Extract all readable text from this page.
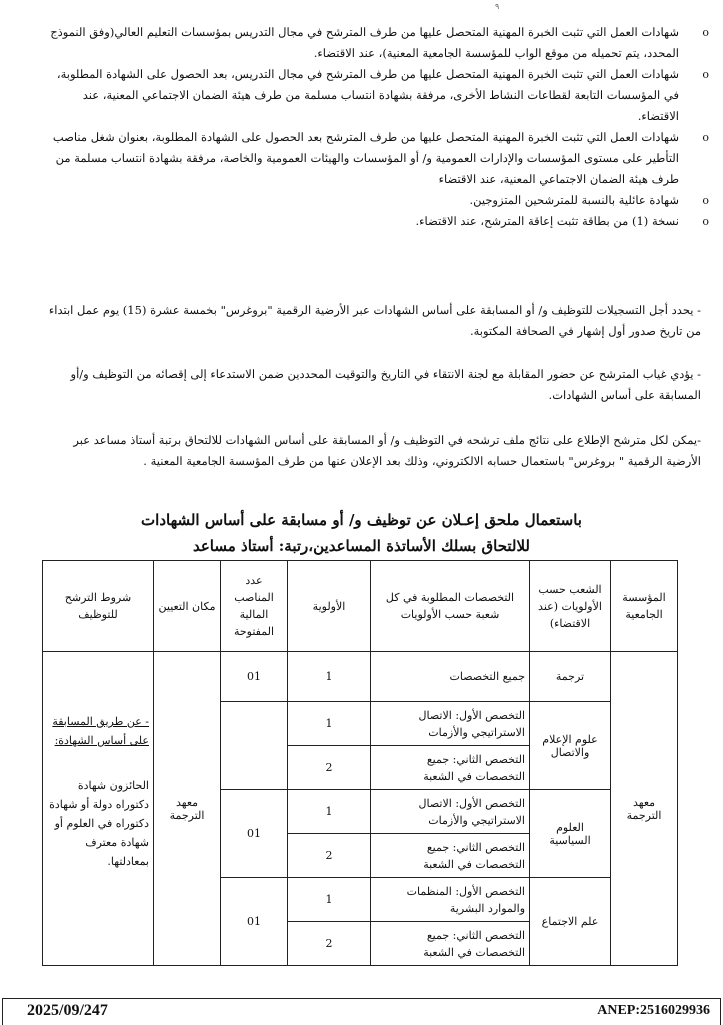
٩
o
شهادات العمل التي تثبت الخبرة المهنية المتحصل عليها من طرف المترشح في مجال التدريس بمؤسسات التعليم العالي(وفق النموذج المحدد، يتم تحميله من موقع الواب للمؤسسة الجامعية المعنية)، عند الاقتضاء.
o
شهادات العمل التي تثبت الخبرة المهنية المتحصل عليها من طرف المترشح في مجال التدريس، بعد الحصول على الشهادة المطلوبة، في المؤسسات التابعة لقطاعات النشاط الأخرى، مرفقة بشهادة انتساب مسلمة من طرف هيئة الضمان الاجتماعي المعنية، عند الاقتضاء.
o
شهادات العمل التي تثبت الخبرة المهنية المتحصل عليها من طرف المترشح بعد الحصول على الشهادة المطلوبة، بعنوان شغل مناصب التأطير على مستوى المؤسسات والإدارات العمومية و/ أو المؤسسات والهيئات العمومية والخاصة، مرفقة بشهادة انتساب مسلمة من طرف هيئة الضمان الاجتماعي المعنية، عند الاقتضاء
o
شهادة عائلية بالنسبة للمترشحين المتزوجين.
o
نسخة (1) من بطاقة تثبت إعاقة المترشح، عند الاقتضاء.
- يحدد أجل التسجيلات للتوظيف و/ أو المسابقة على أساس الشهادات عبر الأرضية الرقمية "بروغرس" بخمسة عشرة (15) يوم عمل ابتداء من تاريخ صدور أول إشهار في الصحافة المكتوبة.
- يؤدي غياب المترشح عن حضور المقابلة مع لجنة الانتقاء في التاريخ والتوقيت المحددين ضمن الاستدعاء إلى إقصائه من التوظيف و/أو المسابقة على أساس الشهادات.
-يمكن لكل مترشح الإطلاع على نتائج ملف ترشحه في التوظيف و/ أو المسابقة على أساس الشهادات للالتحاق برتبة أستاذ مساعد عبر الأرضية الرقمية " بروغرس" باستعمال حسابه الالكتروني، وذلك بعد الإعلان عنها من طرف المؤسسة الجامعية المعنية .
باستعمال ملحق إعـلان عن توظيف و/ أو مسابقة على أساس الشهادات
للالتحاق بسلك الأساتذة المساعدين،رتبة: أستاذ مساعد
المؤسسة الجامعية	الشعب حسب الأولويات (عند الاقتضاء)	التخصصات المطلوبة في كل شعبة حسب الأولويات	الأولوية	عدد المناصب المالية المفتوحة	مكان التعيين	شروط الترشح للتوظيف
معهد الترجمة	ترجمة	جميع التخصصات	1	01	معهد الترجمة	- عن طريق المسابقة على أساس الشهادة:
الحائزون شهادة دكتوراه دولة أو شهادة دكتوراه في العلوم أو شهادة معترف بمعادلتها.
	علوم الإعلام والاتصال	التخصص الأول: الاتصال الاستراتيجي والأزمات	1			
		التخصص الثاني: جميع التخصصات في الشعبة	2			
	العلوم السياسية	التخصص الأول: الاتصال الاستراتيجي والأزمات	1	01		
		التخصص الثاني: جميع التخصصات في الشعبة	2			
	علم الاجتماع	التخصص الأول: المنظمات والموارد البشرية	1	01		
		التخصص الثاني: جميع التخصصات في الشعبة	2			
2025/09/247	ANEP:2516029936
